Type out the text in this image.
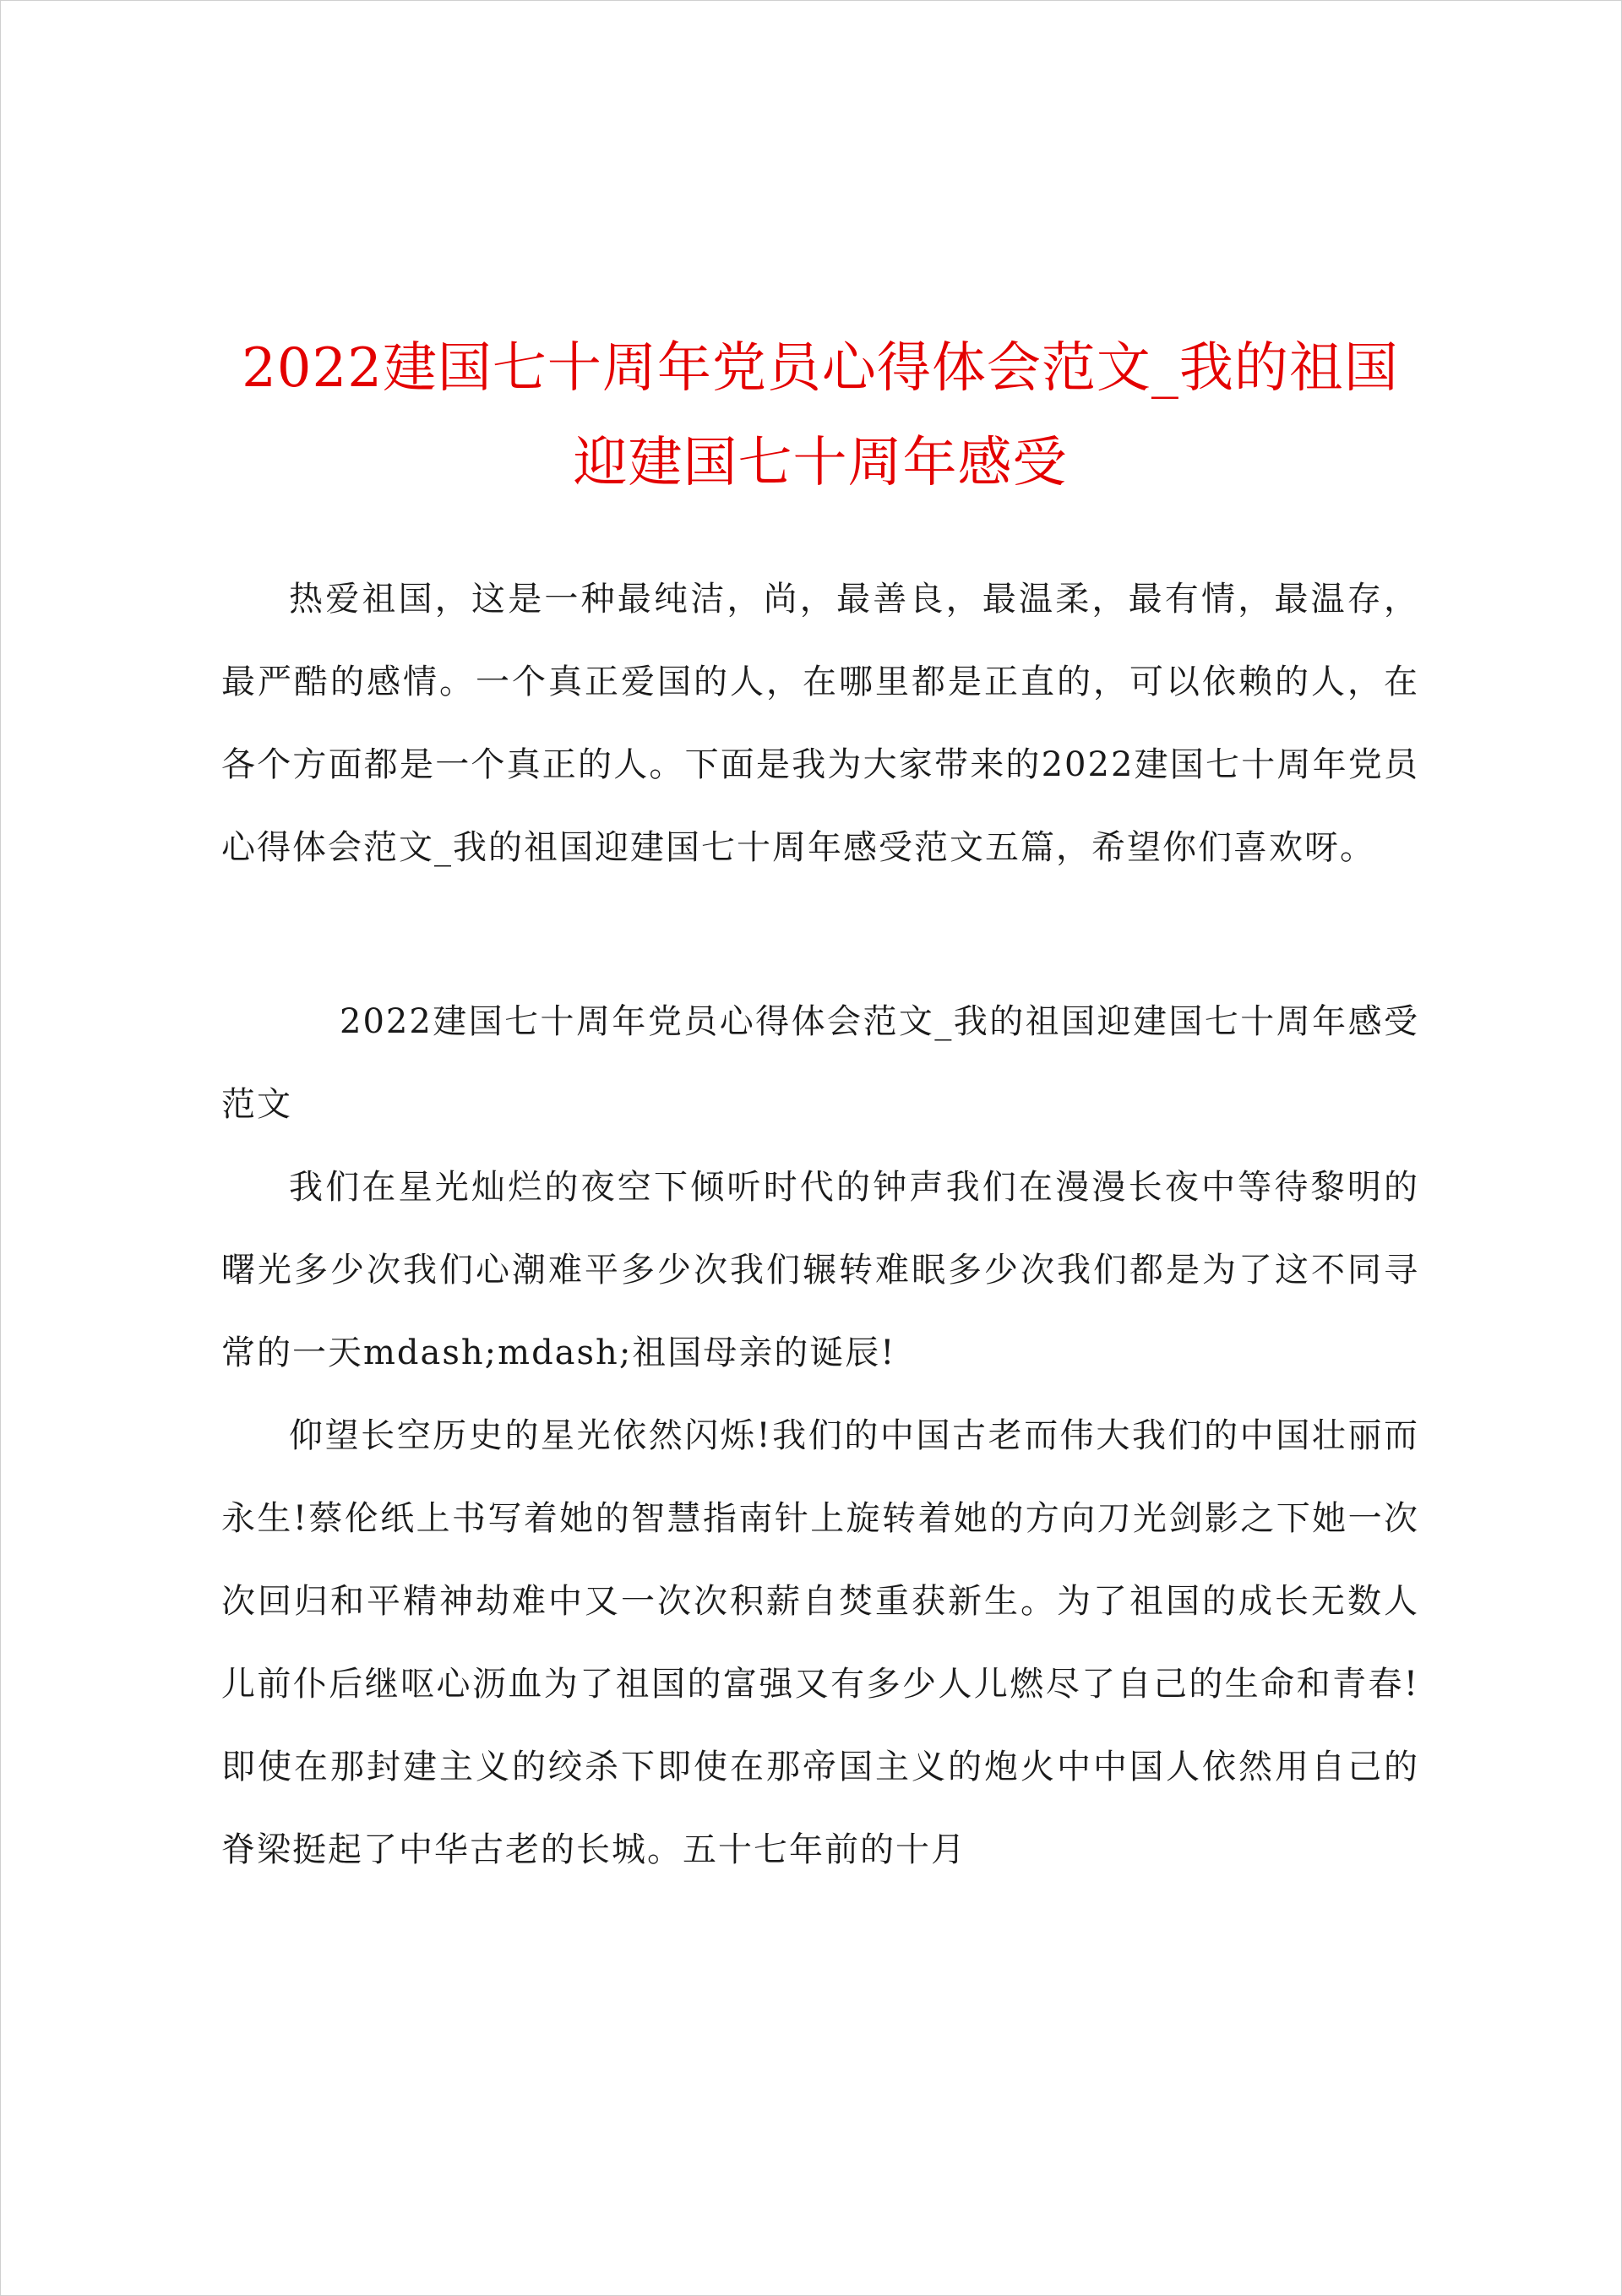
2022建国七十周年党员心得体会范文_我的祖国迎建国七十周年感受

热爱祖国，这是一种最纯洁，尚，最善良，最温柔，最有情，最温存，最严酷的感情。一个真正爱国的人，在哪里都是正直的，可以依赖的人，在各个方面都是一个真正的人。下面是我为大家带来的2022建国七十周年党员心得体会范文_我的祖国迎建国七十周年感受范文五篇，希望你们喜欢呀。

2022建国七十周年党员心得体会范文_我的祖国迎建国七十周年感受范文

我们在星光灿烂的夜空下倾听时代的钟声我们在漫漫长夜中等待黎明的曙光多少次我们心潮难平多少次我们辗转难眠多少次我们都是为了这不同寻常的一天mdash;mdash;祖国母亲的诞辰!

仰望长空历史的星光依然闪烁!我们的中国古老而伟大我们的中国壮丽而永生!蔡伦纸上书写着她的智慧指南针上旋转着她的方向刀光剑影之下她一次次回归和平精神劫难中又一次次积薪自焚重获新生。为了祖国的成长无数人儿前仆后继呕心沥血为了祖国的富强又有多少人儿燃尽了自己的生命和青春!即使在那封建主义的绞杀下即使在那帝国主义的炮火中中国人依然用自己的脊梁挺起了中华古老的长城。五十七年前的十月
